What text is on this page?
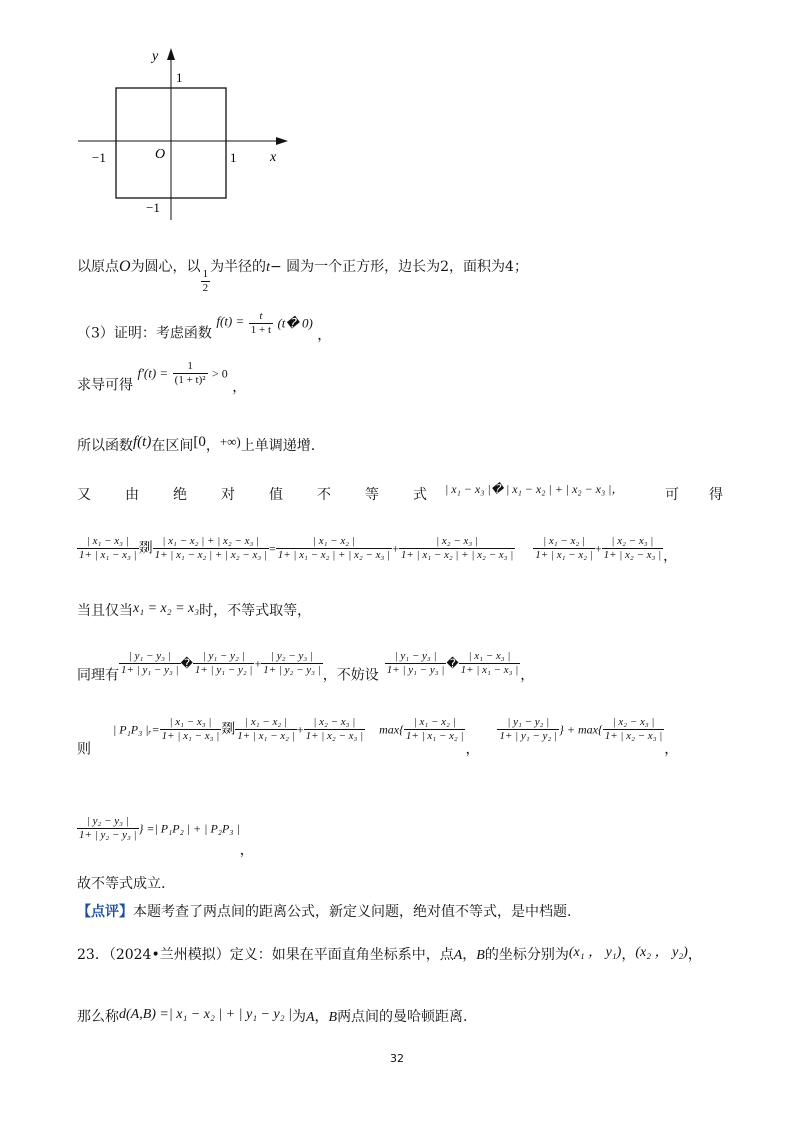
y
x
O
1
1
−1
−1
以原点O为圆心，以
$\frac{1}{2}$
为半径的t− 圆为一个正方形，边长为2，面积为4；
（3）证明：考虑函数 $f(t) = \frac{t}{1 + t}$ (t� 0) ，
求导可得 $f'(t) = \frac{1}{\text{(1 + t)²}} > 0$ ，
所以函数f(t)在区间[0，+∞)上单调递增.
又 由 绝 对 值 不 等 式 | x₁ − x₃ |� | x₁ − x₂ | + | x₂ − x₃ |，	可 得
$\frac{\text{| x₁ − x₃ |}}{\text{1+ | x₁ − x₃ |}}$ 剟 $\frac{\text{| x₁ − x₂ | + | x₂ − x₃ |}}{\text{1+ | x₁ − x₂ | + | x₂ − x₃ |}} = \frac{\text{| x₁ − x₂ |}}{\text{1+ | x₁ − x₂ | + | x₂ − x₃ |}} + \frac{\text{| x₂ − x₃ |}}{\text{1+ | x₁ − x₂ | + | x₂ − x₃ |}} \frac{\text{| x₁ − x₂ |}}{\text{1+ | x₁ − x₂ |}} + \frac{\text{| x₂ − x₃ |}}{\text{1+ | x₂ − x₃ |}}$ ，
当且仅当x₁ = x₂ = x₃时，不等式取等，
同理有 $\frac{\text{| y₁ − y₃ |}}{\text{1+ | y₁ − y₃ |}}$ � $\frac{\text{| y₁ − y₂ |}}{\text{1+ | y₁ − y₂ |}} + \frac{\text{| y₂ − y₃ |}}{\text{1+ | y₂ − y₃ |}}$ ，不妨设 $\frac{\text{| y₁ − y₃ |}}{\text{1+ | y₁ − y₃ |}}$ � $\frac{\text{| x₁ − x₃ |}}{\text{1+ | x₁ − x₃ |}}$ ，
则| P₁P₃ |ᵣ= $\frac{\text{| x₁ − x₃ |}}{\text{1+ | x₁ − x₃ |}}$ 剟 $\frac{\text{| x₁ − x₂ |}}{\text{1+ | x₁ − x₂ |}} + \frac{\text{| x₂ − x₃ |}}{\text{1+ | x₂ − x₃ |}} \max\{ \frac{\text{| x₁ − x₂ |}}{\text{1+ | x₁ − x₂ |}}$
，
$\frac{\text{| y₁ − y₂ |}}{\text{1+ | y₁ − y₂ |}}$ } + $\max\{ \frac{\text{| x₂ − x₃ |}}{\text{1+ | x₂ − x₃ |}}$
，
$\frac{\text{| y₂ − y₃ |}}{\text{1+ | y₂ − y₃ |}}$ } =| P₁P₂ | + | P₂P₃ |，
故不等式成立.
【点评】本题考查了两点间的距离公式，新定义问题，绝对值不等式，是中档题.
23．（2024•兰州模拟）定义：如果在平面直角坐标系中，点A，B的坐标分别为(x₁ ， y₁)，(x₂ ， y₂)，
那么称d(A,B) =| x₁ − x₂ | + | y₁ − y₂ |为A，B两点间的曼哈顿距离.
32
